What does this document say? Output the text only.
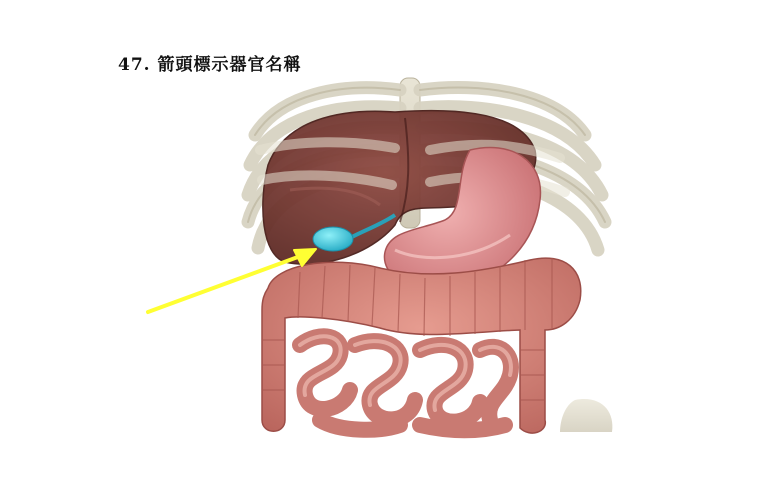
47. 箭頭標示器官名稱
